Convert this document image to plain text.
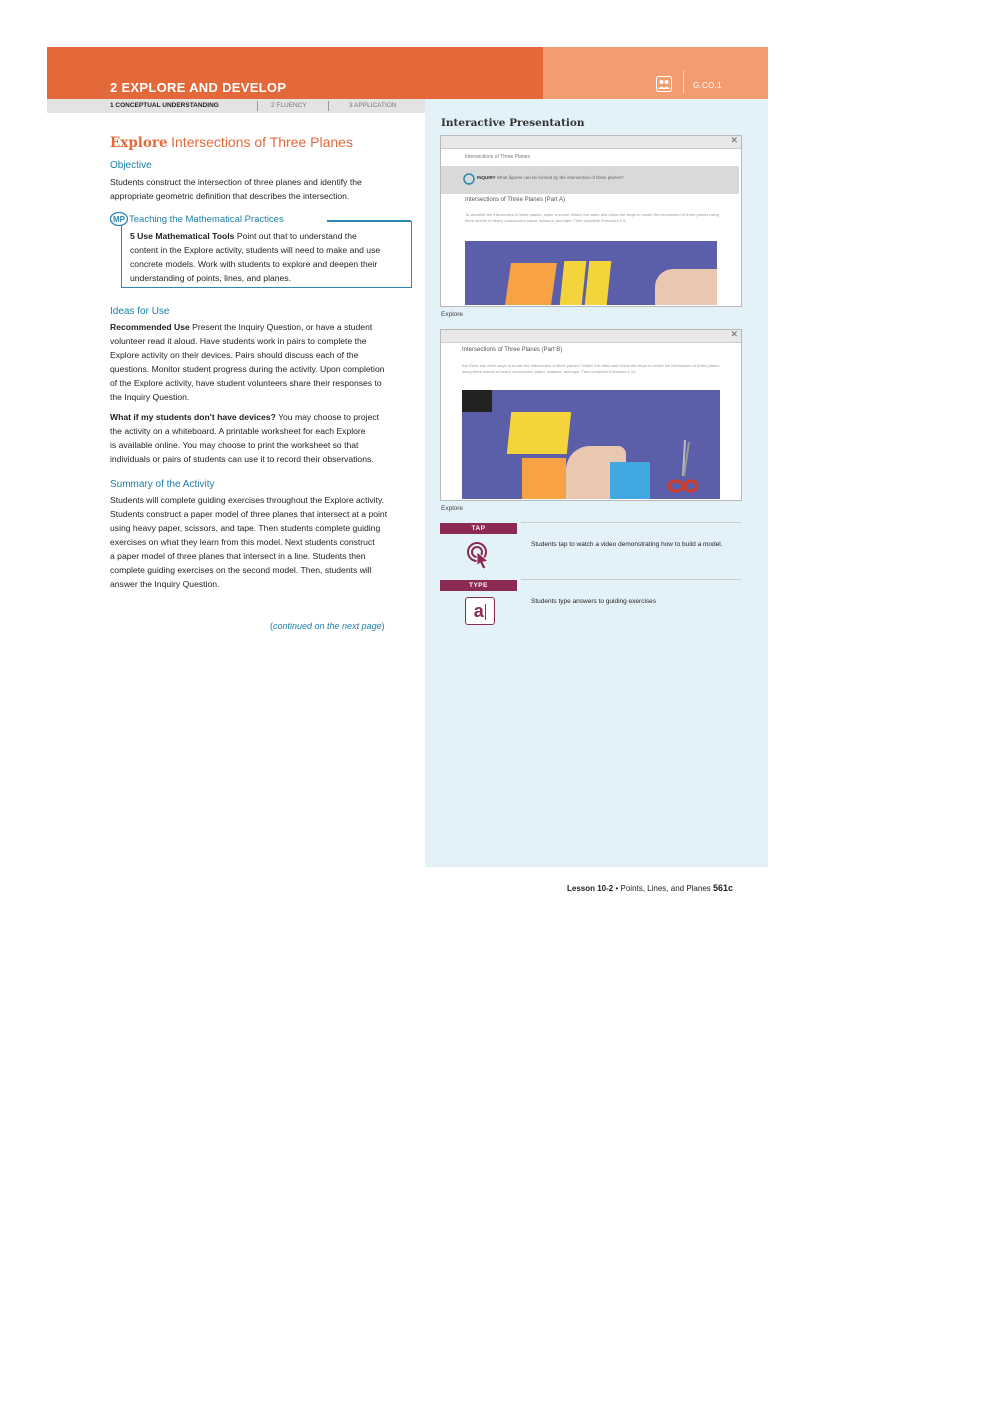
2 EXPLORE AND DEVELOP	G.CO.1
1 CONCEPTUAL UNDERSTANDING	2 FLUENCY	3 APPLICATION
Explore Intersections of Three Planes
Objective
Students construct the intersection of three planes and identify the
appropriate geometric definition that describes the intersection.
MP Teaching the Mathematical Practices
5 Use Mathematical Tools Point out that to understand the
content in the Explore activity, students will need to make and use
concrete models. Work with students to explore and deepen their
understanding of points, lines, and planes.
Ideas for Use
Recommended Use Present the Inquiry Question, or have a student
volunteer read it aloud. Have students work in pairs to complete the
Explore activity on their devices. Pairs should discuss each of the
questions. Monitor student progress during the activity. Upon completion
of the Explore activity, have student volunteers share their responses to
the Inquiry Question.
What if my students don't have devices? You may choose to project
the activity on a whiteboard. A printable worksheet for each Explore
is available online. You may choose to print the worksheet so that
individuals or pairs of students can use it to record their observations.
Summary of the Activity
Students will complete guiding exercises throughout the Explore activity.
Students construct a paper model of three planes that intersect at a point
using heavy paper, scissors, and tape. Then students complete guiding
exercises on what they learn from this model. Next students construct
a paper model of three planes that intersect in a line. Students then
complete guiding exercises on the second model. Then, students will
answer the Inquiry Question.
(continued on the next page)
Interactive Presentation
✕
Intersections of Three Planes
INQUIRY What figures can be formed by the intersection of three planes?
Intersections of Three Planes (Part A)
To visualize the intersection of three planes, make a model. Watch the video and follow the steps to model the intersection of three planes using three sheets of heavy construction paper, scissors, and tape. Then complete Exercises 1-5.
Explore
✕
Intersections of Three Planes (Part B)
Are there any other ways to model the intersection of three planes? Watch the video and follow the steps to model the intersection of three planes using three sheets of heavy construction paper, scissors, and tape. Then complete Exercises 6-10.
Explore
TAP
Students tap to watch a video demonstrating how to build a model.
TYPE
a	Students type answers to guiding exercises
Lesson 10-2 • Points, Lines, and Planes 561c
